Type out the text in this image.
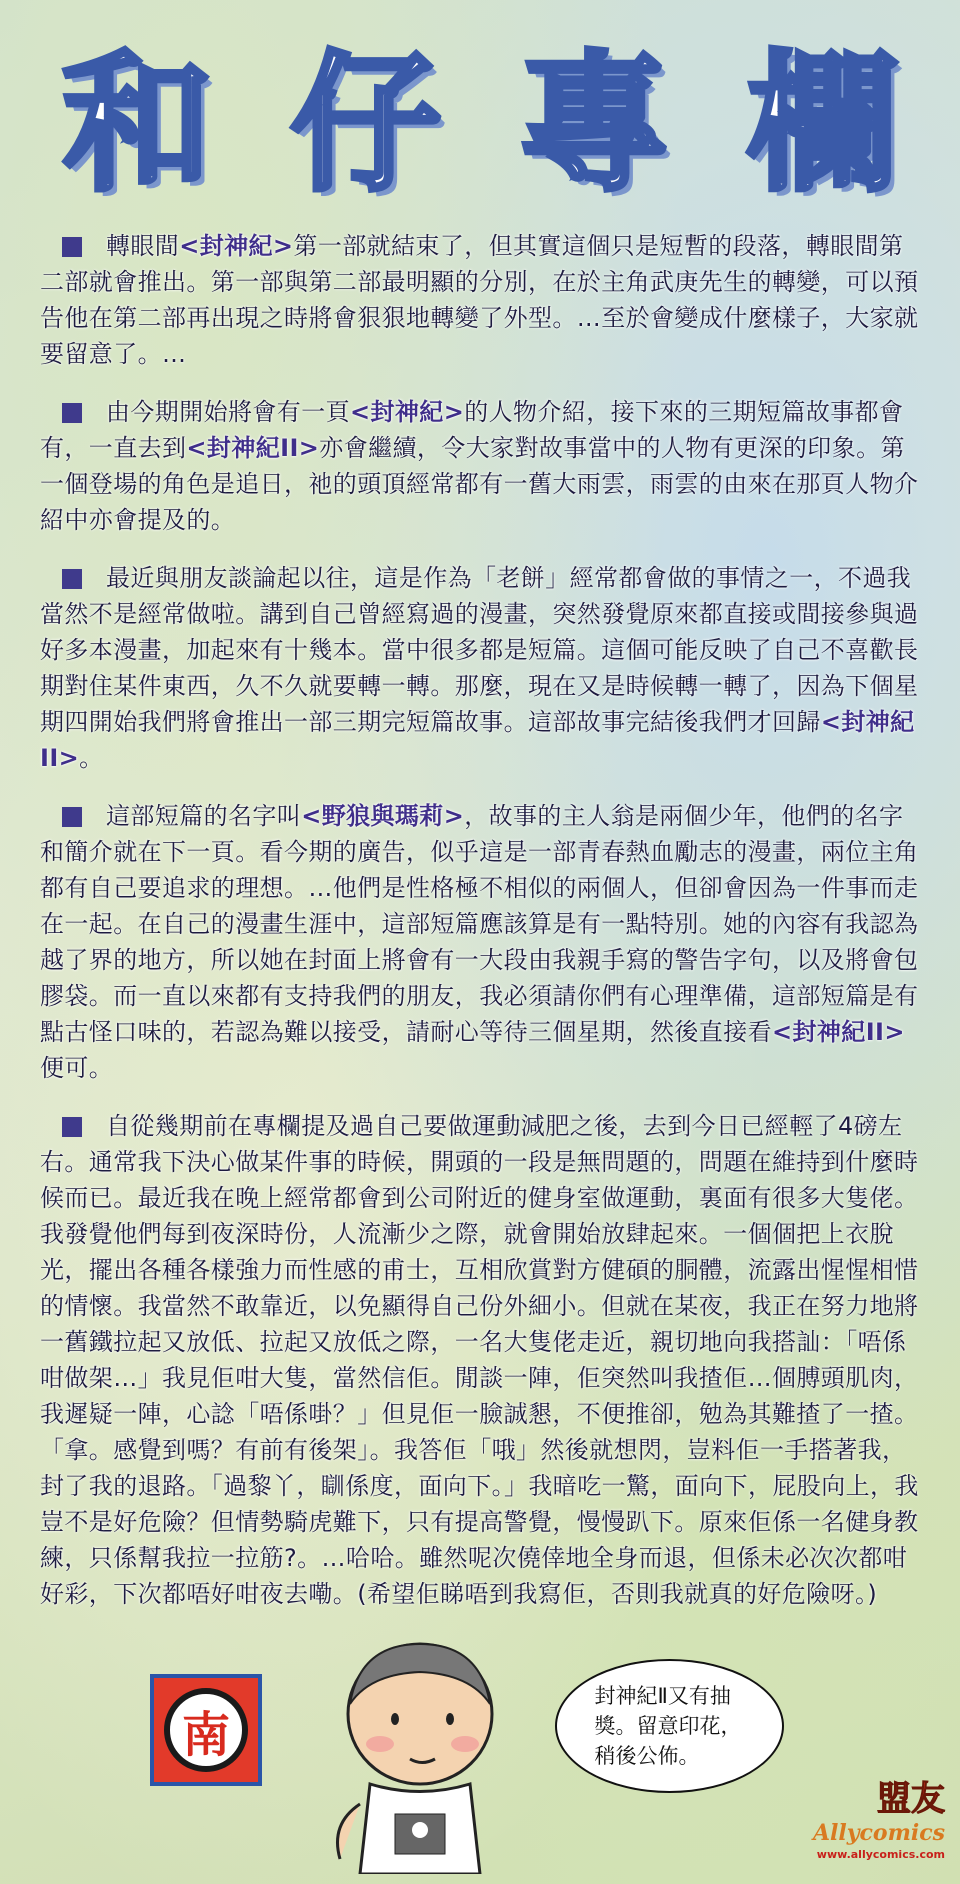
和 仔 專 欄
轉眼間<封神紀>第一部就結束了，但其實這個只是短暫的段落，轉眼間第二部就會推出。第一部與第二部最明顯的分別，在於主角武庚先生的轉變，可以預告他在第二部再出現之時將會狠狠地轉變了外型。…至於會變成什麼樣子，大家就要留意了。…
由今期開始將會有一頁<封神紀>的人物介紹，接下來的三期短篇故事都會有，一直去到<封神紀II>亦會繼續，令大家對故事當中的人物有更深的印象。第一個登場的角色是追日，祂的頭頂經常都有一舊大雨雲，雨雲的由來在那頁人物介紹中亦會提及的。
最近與朋友談論起以往，這是作為「老餅」經常都會做的事情之一，不過我當然不是經常做啦。講到自己曾經寫過的漫畫，突然發覺原來都直接或間接參與過好多本漫畫，加起來有十幾本。當中很多都是短篇。這個可能反映了自己不喜歡長期對住某件東西，久不久就要轉一轉。那麼，現在又是時候轉一轉了，因為下個星期四開始我們將會推出一部三期完短篇故事。這部故事完結後我們才回歸<封神紀II>。
這部短篇的名字叫<野狼與瑪莉>，故事的主人翁是兩個少年，他們的名字和簡介就在下一頁。看今期的廣告，似乎這是一部青春熱血勵志的漫畫，兩位主角都有自己要追求的理想。…他們是性格極不相似的兩個人，但卻會因為一件事而走在一起。在自己的漫畫生涯中，這部短篇應該算是有一點特別。她的內容有我認為越了界的地方，所以她在封面上將會有一大段由我親手寫的警告字句，以及將會包膠袋。而一直以來都有支持我們的朋友，我必須請你們有心理準備，這部短篇是有點古怪口味的，若認為難以接受，請耐心等待三個星期，然後直接看<封神紀II>便可。
自從幾期前在專欄提及過自己要做運動減肥之後，去到今日已經輕了4磅左右。通常我下決心做某件事的時候，開頭的一段是無問題的，問題在維持到什麼時候而已。最近我在晚上經常都會到公司附近的健身室做運動，裏面有很多大隻佬。我發覺他們每到夜深時份，人流漸少之際，就會開始放肆起來。一個個把上衣脫光，擺出各種各樣強力而性感的甫士，互相欣賞對方健碩的胴體，流露出惺惺相惜的情懷。我當然不敢靠近，以免顯得自己份外細小。但就在某夜，我正在努力地將一舊鐵拉起又放低、拉起又放低之際，一名大隻佬走近，親切地向我搭訕：「唔係咁做架…」我見佢咁大隻，當然信佢。閒談一陣，佢突然叫我揸佢…個膊頭肌肉，我遲疑一陣，心諗「唔係啩？」但見佢一臉誠懇，不便推卻，勉為其難揸了一揸。「拿。感覺到嗎？有前有後架」。我答佢「哦」然後就想閃，豈料佢一手搭著我，封了我的退路。「過黎丫，瞓係度，面向下。」我暗吃一驚，面向下，屁股向上，我豈不是好危險？但情勢騎虎難下，只有提高警覺，慢慢趴下。原來佢係一名健身教練，只係幫我拉一拉筋?。…哈哈。雖然呢次僥倖地全身而退，但係未必次次都咁好彩，下次都唔好咁夜去嘞。(希望佢睇唔到我寫佢，否則我就真的好危險呀。)
南

封神紀Ⅱ又有抽獎。留意印花，稍後公佈。

盟友
Allycomics
www.allycomics.com
